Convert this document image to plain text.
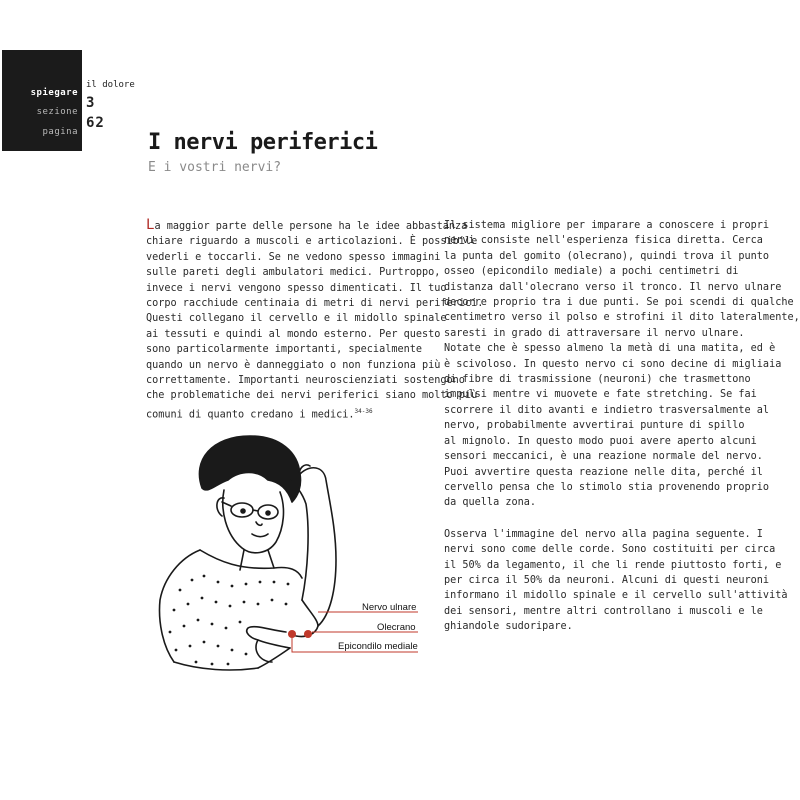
spiegare
il dolore
sezione
3
pagina
62
I nervi periferici
E i vostri nervi?

La maggior parte delle persone ha le idee abbastanza

chiare riguardo a muscoli e articolazioni. È possibile

vederli e toccarli. Se ne vedono spesso immagini

sulle pareti degli ambulatori medici. Purtroppo,

invece i nervi vengono spesso dimenticati. Il tuo

corpo racchiude centinaia di metri di nervi periferici.

Questi collegano il cervello e il midollo spinale

ai tessuti e quindi al mondo esterno. Per questo

sono particolarmente importanti, specialmente

quando un nervo è danneggiato o non funziona più

correttamente. Importanti neuroscienziati sostengono

che problematiche dei nervi periferici siano molto più

comuni di quanto credano i medici.$^{34-36}$

Il sistema migliore per imparare a conoscere i propri

nervi consiste nell'esperienza fisica diretta. Cerca

la punta del gomito (olecrano), quindi trova il punto

osseo (epicondilo mediale) a pochi centimetri di

distanza dall'olecrano verso il tronco. Il nervo ulnare

decorre proprio tra i due punti. Se poi scendi di qualche

centimetro verso il polso e strofini il dito lateralmente,

saresti in grado di attraversare il nervo ulnare.

Notate che è spesso almeno la metà di una matita, ed è

è scivoloso. In questo nervo ci sono decine di migliaia

di fibre di trasmissione (neuroni) che trasmettono

impulsi mentre vi muovete e fate stretching. Se fai

scorrere il dito avanti e indietro trasversalmente al

nervo, probabilmente avvertirai punture di spillo

al mignolo. In questo modo puoi avere aperto alcuni

sensori meccanici, è una reazione normale del nervo.

Puoi avvertire questa reazione nelle dita, perché il

cervello pensa che lo stimolo stia provenendo proprio

da quella zona.

Osserva l'immagine del nervo alla pagina seguente. I

nervi sono come delle corde. Sono costituiti per circa

il 50% da legamento, il che li rende piuttosto forti, e

per circa il 50% da neuroni. Alcuni di questi neuroni

informano il midollo spinale e il cervello sull'attività

dei sensori, mentre altri controllano i muscoli e le

ghiandole sudoripare.

Nervo ulnare
Olecrano
Epicondilo mediale
